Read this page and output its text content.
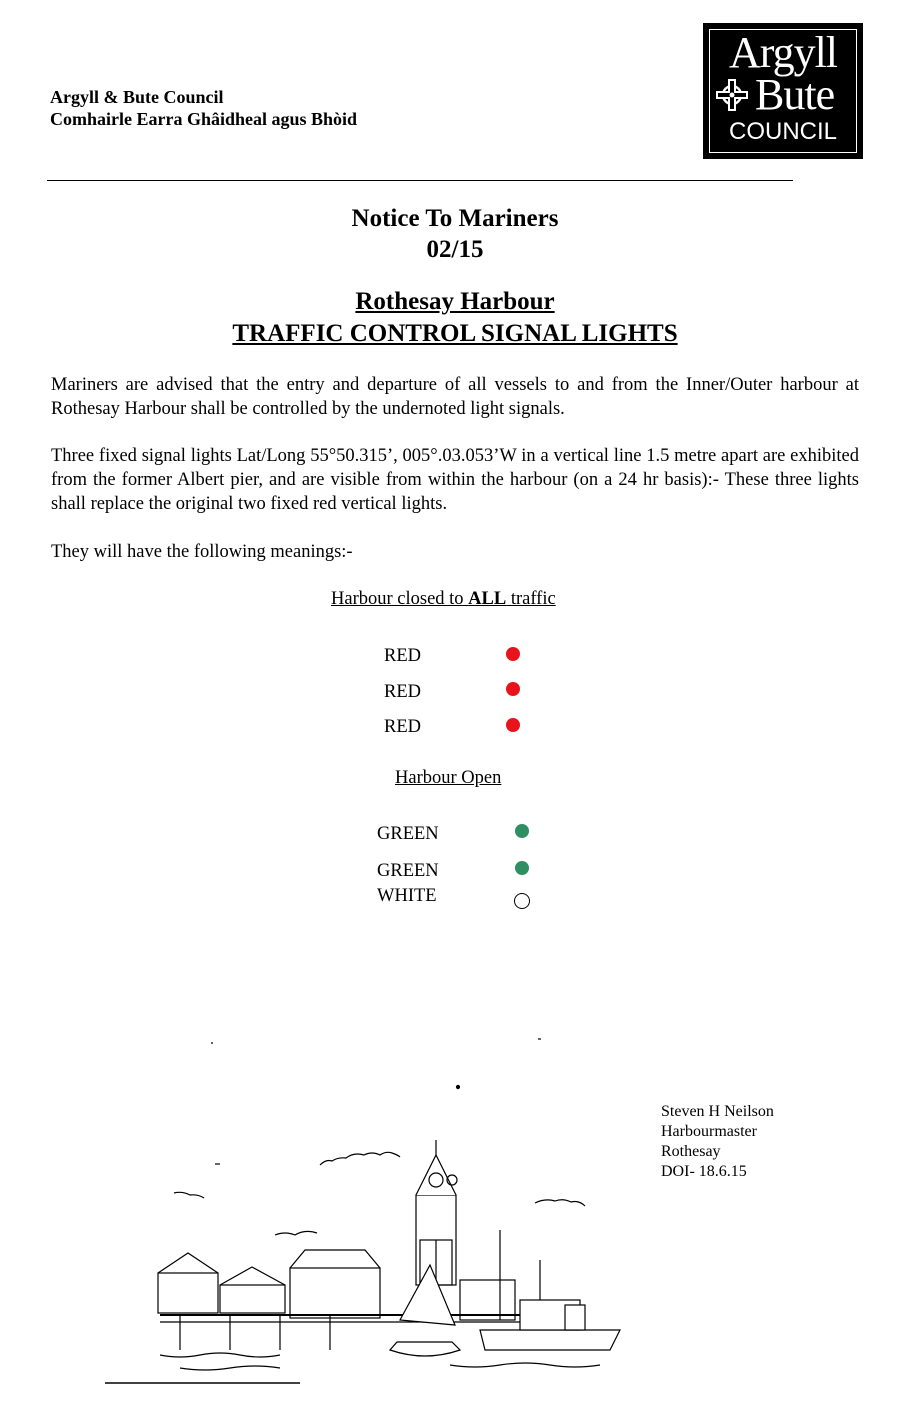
Argyll & Bute Council
Comhairle Earra Ghâidheal agus Bhòid
Argyll
Bute
COUNCIL
Notice To Mariners
02/15
Rothesay Harbour
TRAFFIC CONTROL SIGNAL LIGHTS
Mariners are advised that the entry and departure of all vessels to and from the Inner/Outer harbour at Rothesay Harbour shall be controlled by the undernoted light signals.
Three fixed signal lights Lat/Long 55°50.315’, 005°.03.053’W in a vertical line 1.5 metre apart are exhibited from the former Albert pier, and are visible from within the harbour (on a 24 hr basis):- These three lights shall replace the original two fixed red vertical lights.
They will have the following meanings:-
Harbour closed to ALL traffic
RED
RED
RED
Harbour Open
GREEN
GREEN
WHITE
Steven H Neilson
Harbourmaster
Rothesay
DOI- 18.6.15
